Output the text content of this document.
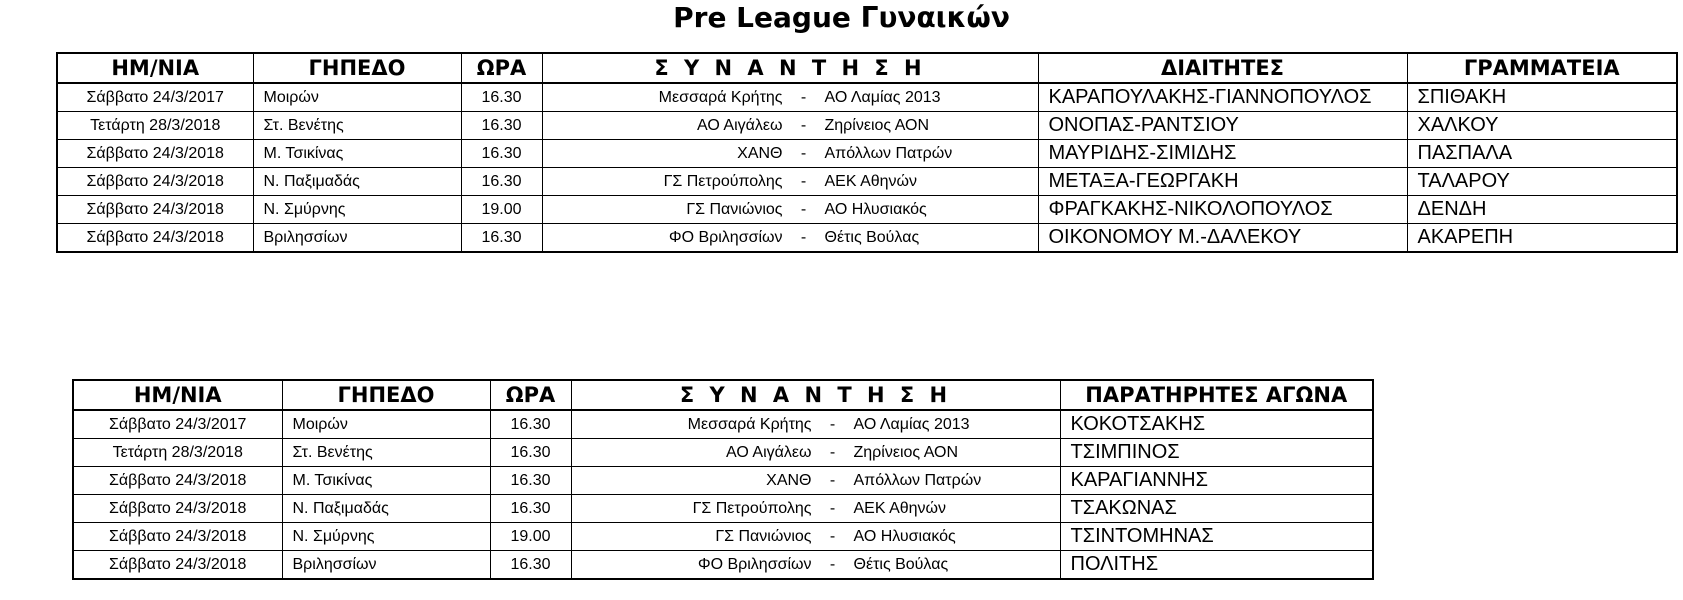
Pre League Γυναικών
ΗΜ/ΝΙΑ	ΓΗΠΕΔΟ	ΩΡΑ	Σ Υ Ν Α Ν Τ Η Σ Η	ΔΙΑΙΤΗΤΕΣ	ΓΡΑΜΜΑΤΕΙΑ
Σάββατο 24/3/2017	Μοιρών	16.30	Μεσσαρά Κρήτης - ΑΟ Λαμίας 2013	ΚΑΡΑΠΟΥΛΑΚΗΣ-ΓΙΑΝΝΟΠΟΥΛΟΣ	ΣΠΙΘΑΚΗ
Τετάρτη 28/3/2018	Στ. Βενέτης	16.30	ΑΟ Αιγάλεω - Ζηρίνειος ΑΟΝ	ΟΝΟΠΑΣ-ΡΑΝΤΣΙΟΥ	ΧΑΛΚΟΥ
Σάββατο 24/3/2018	Μ. Τσικίνας	16.30	ΧΑΝΘ - Απόλλων Πατρών	ΜΑΥΡΙΔΗΣ-ΣΙΜΙΔΗΣ	ΠΑΣΠΑΛΑ
Σάββατο 24/3/2018	Ν. Παξιμαδάς	16.30	ΓΣ Πετρούπολης - ΑΕΚ Αθηνών	ΜΕΤΑΞΑ-ΓΕΩΡΓΑΚΗ	ΤΑΛΑΡΟΥ
Σάββατο 24/3/2018	Ν. Σμύρνης	19.00	ΓΣ Πανιώνιος - ΑΟ Ηλυσιακός	ΦΡΑΓΚΑΚΗΣ-ΝΙΚΟΛΟΠΟΥΛΟΣ	ΔΕΝΔΗ
Σάββατο 24/3/2018	Βριλησσίων	16.30	ΦΟ Βριλησσίων - Θέτις Βούλας	ΟΙΚΟΝΟΜΟΥ Μ.-ΔΑΛΕΚΟΥ	ΑΚΑΡΕΠΗ
ΗΜ/ΝΙΑ	ΓΗΠΕΔΟ	ΩΡΑ	Σ Υ Ν Α Ν Τ Η Σ Η	ΠΑΡΑΤΗΡΗΤΕΣ ΑΓΩΝΑ
Σάββατο 24/3/2017	Μοιρών	16.30	Μεσσαρά Κρήτης - ΑΟ Λαμίας 2013	ΚΟΚΟΤΣΑΚΗΣ
Τετάρτη 28/3/2018	Στ. Βενέτης	16.30	ΑΟ Αιγάλεω - Ζηρίνειος ΑΟΝ	ΤΣΙΜΠΙΝΟΣ
Σάββατο 24/3/2018	Μ. Τσικίνας	16.30	ΧΑΝΘ - Απόλλων Πατρών	ΚΑΡΑΓΙΑΝΝΗΣ
Σάββατο 24/3/2018	Ν. Παξιμαδάς	16.30	ΓΣ Πετρούπολης - ΑΕΚ Αθηνών	ΤΣΑΚΩΝΑΣ
Σάββατο 24/3/2018	Ν. Σμύρνης	19.00	ΓΣ Πανιώνιος - ΑΟ Ηλυσιακός	ΤΣΙΝΤΟΜΗΝΑΣ
Σάββατο 24/3/2018	Βριλησσίων	16.30	ΦΟ Βριλησσίων - Θέτις Βούλας	ΠΟΛΙΤΗΣ
